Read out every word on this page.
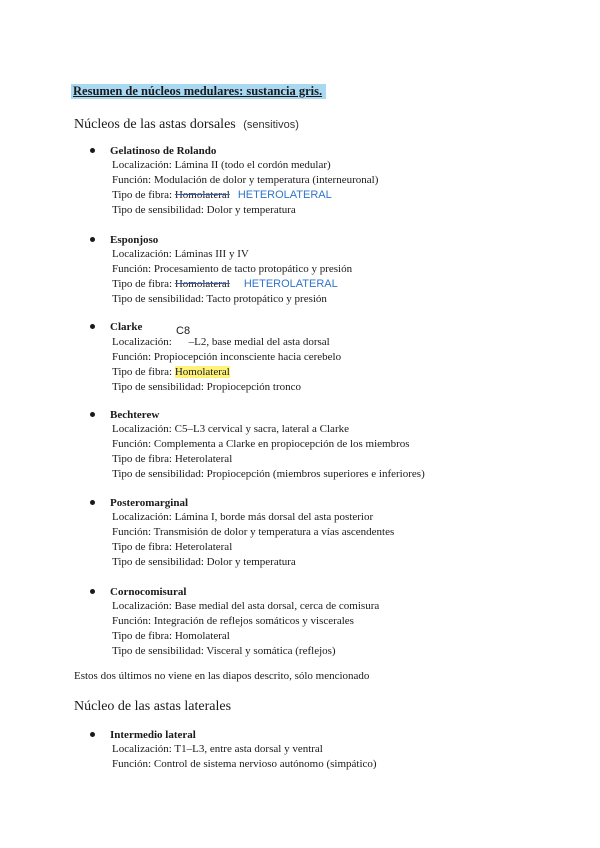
Resumen de núcleos medulares: sustancia gris.
Núcleos de las astas dorsales (sensitivos)
Gelatinoso de Rolando
Localización: Lámina II (todo el cordón medular)
Función: Modulación de dolor y temperatura (interneuronal)
Tipo de fibra: Homolateral HETEROLATERAL
Tipo de sensibilidad: Dolor y temperatura
Esponjoso
Localización: Láminas III y IV
Función: Procesamiento de tacto protopático y presión
Tipo de fibra: Homolateral HETEROLATERAL
Tipo de sensibilidad: Tacto protopático y presión
Clarke	C8
Localización: –L2, base medial del asta dorsal
Función: Propiocepción inconsciente hacia cerebelo
Tipo de fibra: Homolateral
Tipo de sensibilidad: Propiocepción tronco
Bechterew
Localización: C5–L3 cervical y sacra, lateral a Clarke
Función: Complementa a Clarke en propiocepción de los miembros
Tipo de fibra: Heterolateral
Tipo de sensibilidad: Propiocepción (miembros superiores e inferiores)
Posteromarginal
Localización: Lámina I, borde más dorsal del asta posterior
Función: Transmisión de dolor y temperatura a vías ascendentes
Tipo de fibra: Heterolateral
Tipo de sensibilidad: Dolor y temperatura
Cornocomisural
Localización: Base medial del asta dorsal, cerca de comisura
Función: Integración de reflejos somáticos y viscerales
Tipo de fibra: Homolateral
Tipo de sensibilidad: Visceral y somática (reflejos)
Estos dos últimos no viene en las diapos descrito, sólo mencionado
Núcleo de las astas laterales
Intermedio lateral
Localización: T1–L3, entre asta dorsal y ventral
Función: Control de sistema nervioso autónomo (simpático)
